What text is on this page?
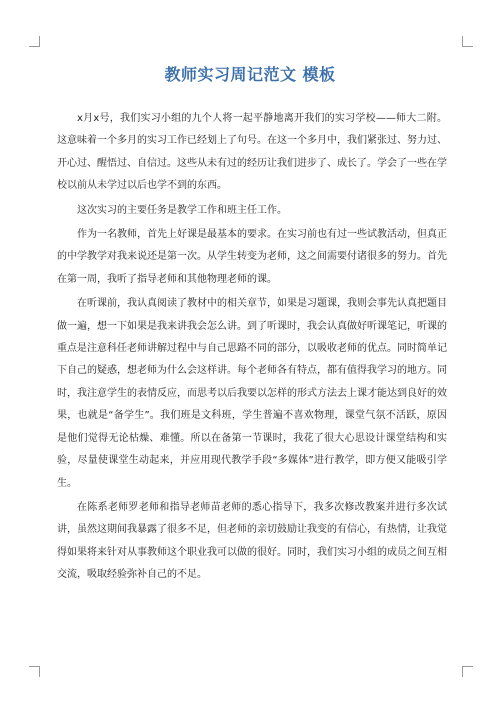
教师实习周记范文 模板

x月x号，我们实习小组的九个人将一起平静地离开我们的实习学校——师大二附。这意味着一个多月的实习工作已经划上了句号。在这一个多月中，我们紧张过、努力过、开心过、醒悟过、自信过。这些从未有过的经历让我们进步了、成长了。学会了一些在学校以前从未学过以后也学不到的东西。

这次实习的主要任务是教学工作和班主任工作。

作为一名教师，首先上好课是最基本的要求。在实习前也有过一些试教活动，但真正的中学教学对我来说还是第一次。从学生转变为老师，这之间需要付诸很多的努力。首先在第一周，我听了指导老师和其他物理老师的课。

在听课前，我认真阅读了教材中的相关章节，如果是习题课，我则会事先认真把题目做一遍，想一下如果是我来讲我会怎么讲。到了听课时，我会认真做好听课笔记，听课的重点是注意科任老师讲解过程中与自己思路不同的部分，以吸收老师的优点。同时简单记下自己的疑惑，想老师为什么会这样讲。每个老师各有特点，都有值得我学习的地方。同时，我注意学生的表情反应，而思考以后我要以怎样的形式方法去上课才能达到良好的效果，也就是“备学生”。我们班是文科班，学生普遍不喜欢物理，课堂气氛不活跃，原因是他们觉得无论枯燥、难懂。所以在备第一节课时，我花了很大心思设计课堂结构和实验，尽量使课堂生动起来，并应用现代教学手段“多媒体”进行教学，即方便又能吸引学生。

在陈系老师罗老师和指导老师苗老师的悉心指导下，我多次修改教案并进行多次试讲，虽然这期间我暴露了很多不足，但老师的亲切鼓励让我变的有信心，有热情，让我觉得如果将来针对从事教师这个职业我可以做的很好。同时，我们实习小组的成员之间互相交流，吸取经验弥补自己的不足。
